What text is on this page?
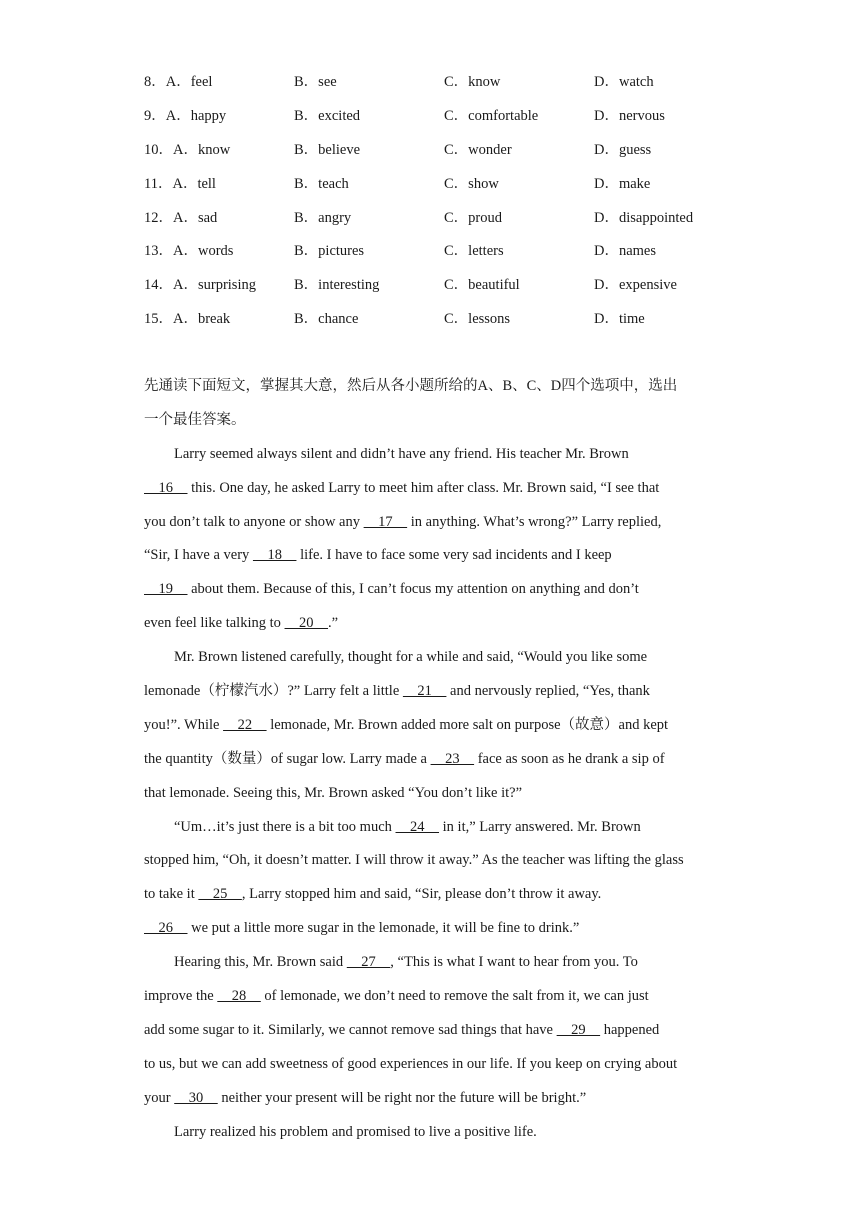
8．A．feel	B．see	C．know	D．watch
9．A．happy	B．excited	C．comfortable	D．nervous
10．A．know	B．believe	C．wonder	D．guess
11．A．tell	B．teach	C．show	D．make
12．A．sad	B．angry	C．proud	D．disappointed
13．A．words	B．pictures	C．letters	D．names
14．A．surprising	B．interesting	C．beautiful	D．expensive
15．A．break	B．chance	C．lessons	D．time
先通读下面短文，掌握其大意，然后从各小题所给的A、B、C、D四个选项中，选出
一个最佳答案。
Larry seemed always silent and didn’t have any friend. His teacher Mr. Brown
16     this. One day, he asked Larry to meet him after class. Mr. Brown said, “I see that
you don’t talk to anyone or show any     17     in anything. What’s wrong?” Larry replied,
“Sir, I have a very     18     life. I have to face some very sad incidents and I keep
19     about them. Because of this, I can’t focus my attention on anything and don’t
even feel like talking to     20    .”
Mr. Brown listened carefully, thought for a while and said, “Would you like some
lemonade（柠檬汽水）?” Larry felt a little     21     and nervously replied, “Yes, thank
you!”. While     22     lemonade, Mr. Brown added more salt on purpose（故意）and kept
the quantity（数量）of sugar low. Larry made a     23     face as soon as he drank a sip of
that lemonade. Seeing this, Mr. Brown asked “You don’t like it?”
“Um…it’s just there is a bit too much     24     in it,” Larry answered. Mr. Brown
stopped him, “Oh, it doesn’t matter. I will throw it away.” As the teacher was lifting the glass
to take it     25    , Larry stopped him and said, “Sir, please don’t throw it away.
26     we put a little more sugar in the lemonade, it will be fine to drink.”
Hearing this, Mr. Brown said     27    , “This is what I want to hear from you. To
improve the     28     of lemonade, we don’t need to remove the salt from it, we can just
add some sugar to it. Similarly, we cannot remove sad things that have     29     happened
to us, but we can add sweetness of good experiences in our life. If you keep on crying about
your     30     neither your present will be right nor the future will be bright.”
Larry realized his problem and promised to live a positive life.
